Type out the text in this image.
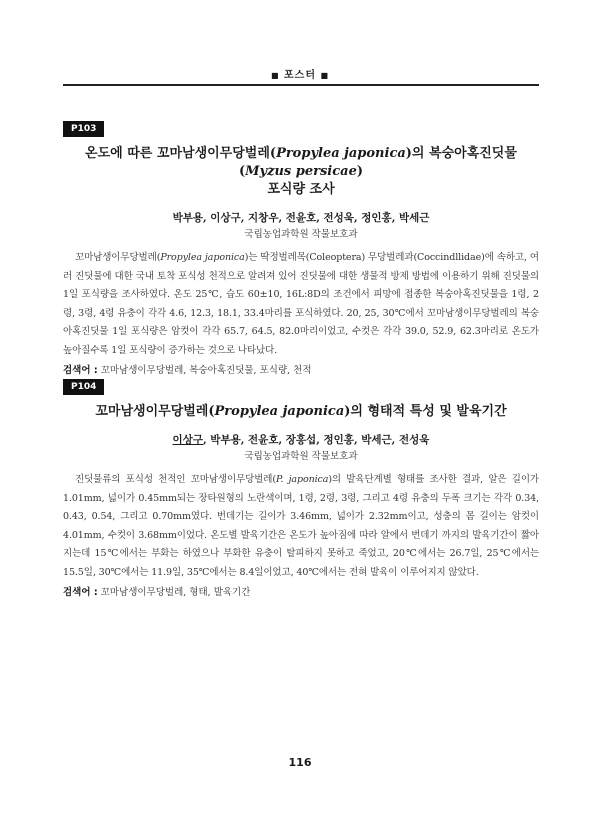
■ 포스터 ■
P103
온도에 따른 꼬마남생이무당벌레(Propylea japonica)의 복숭아혹진딧물(Myzus persicae)
포식량 조사
박부용, 이상구, 지창우, 전윤호, 전성욱, 정인홍, 박세근
국립농업과학원 작물보호과
꼬마남생이무당벌레(Propylea japonica)는 딱정벌레목(Coleoptera) 무당벌레과(Coccindllidae)에 속하고, 여러 진딧물에 대한 국내 토착 포식성 천적으로 알려져 있어 진딧물에 대한 생물적 방제 방법에 이용하기 위해 진딧물의 1일 포식량을 조사하였다. 온도 25℃, 습도 60±10, 16L:8D의 조건에서 피망에 접종한 복숭아혹진딧물을 1령, 2령, 3령, 4령 유충이 각각 4.6, 12.3, 18.1, 33.4마리를 포식하였다. 20, 25, 30℃에서 꼬마남생이무당벌레의 복숭아혹진딧물 1일 포식량은 암컷이 각각 65.7, 64.5, 82.0마리이었고, 수컷은 각각 39.0, 52.9, 62.3마리로 온도가 높아질수록 1일 포식량이 증가하는 것으로 나타났다.
검색어 : 꼬마남생이무당벌레, 복숭아혹진딧물, 포식량, 천적
P104
꼬마남생이무당벌레(Propylea japonica)의 형태적 특성 및 발육기간
이상구, 박부용, 전윤호, 장홍섭, 정인홍, 박세근, 전성욱
국립농업과학원 작물보호과
진딧물류의 포식성 천적인 꼬마남생이무당벌레(P. japonica)의 발육단계별 형태를 조사한 결과, 알은 길이가 1.01mm, 넓이가 0.45mm되는 장타원형의 노란색이며, 1령, 2령, 3령, 그리고 4령 유충의 두폭 크기는 각각 0.34, 0.43, 0.54, 그리고 0.70mm였다. 번데기는 길이가 3.46mm, 넓이가 2.32mm이고, 성충의 몸 길이는 암컷이 4.01mm, 수컷이 3.68mm이었다. 온도별 발육기간은 온도가 높아짐에 따라 알에서 번데기 까지의 발육기간이 짧아지는데 15℃에서는 부화는 하였으나 부화한 유충이 탈피하지 못하고 죽었고, 20℃에서는 26.7일, 25℃에서는 15.5일, 30℃에서는 11.9일, 35℃에서는 8.4일이었고, 40℃에서는 전혀 발육이 이루어지지 않았다.
검색어 : 꼬마남생이무당벌레, 형태, 발육기간
116
